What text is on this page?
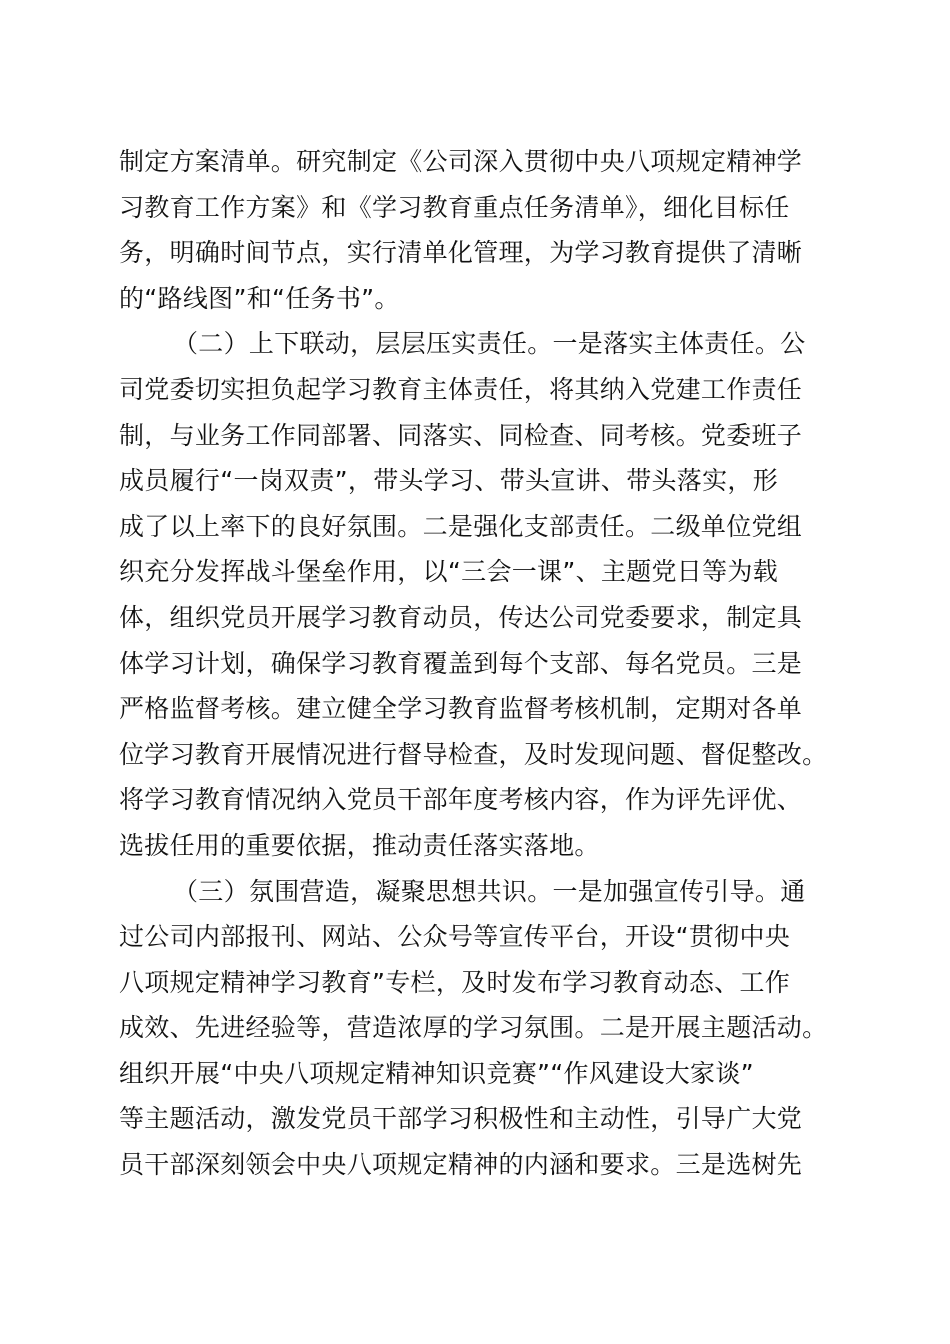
制定方案清单。研究制定《公司深入贯彻中央八项规定精神学
习教育工作方案》和《学习教育重点任务清单》，细化目标任
务，明确时间节点，实行清单化管理，为学习教育提供了清晰
的“路线图”和“任务书”。
（二）上下联动，层层压实责任。一是落实主体责任。公
司党委切实担负起学习教育主体责任，将其纳入党建工作责任
制，与业务工作同部署、同落实、同检查、同考核。党委班子
成员履行“一岗双责”，带头学习、带头宣讲、带头落实，形
成了以上率下的良好氛围。二是强化支部责任。二级单位党组
织充分发挥战斗堡垒作用，以“三会一课”、主题党日等为载
体，组织党员开展学习教育动员，传达公司党委要求，制定具
体学习计划，确保学习教育覆盖到每个支部、每名党员。三是
严格监督考核。建立健全学习教育监督考核机制，定期对各单
位学习教育开展情况进行督导检查，及时发现问题、督促整改。
将学习教育情况纳入党员干部年度考核内容，作为评先评优、
选拔任用的重要依据，推动责任落实落地。
（三）氛围营造，凝聚思想共识。一是加强宣传引导。通
过公司内部报刊、网站、公众号等宣传平台，开设“贯彻中央
八项规定精神学习教育”专栏，及时发布学习教育动态、工作
成效、先进经验等，营造浓厚的学习氛围。二是开展主题活动。
组织开展“中央八项规定精神知识竞赛”“作风建设大家谈”
等主题活动，激发党员干部学习积极性和主动性，引导广大党
员干部深刻领会中央八项规定精神的内涵和要求。三是选树先
